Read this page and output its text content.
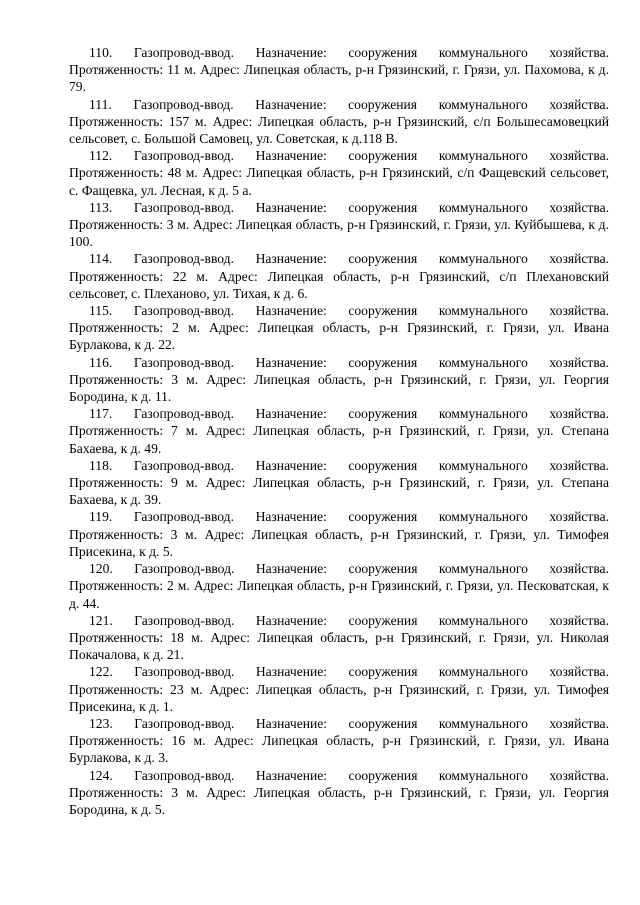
110. Газопровод-ввод. Назначение: сооружения коммунального хозяйства. Протяженность: 11 м. Адрес: Липецкая область, р-н Грязинский, г. Грязи, ул. Пахомова, к д. 79.

111. Газопровод-ввод. Назначение: сооружения коммунального хозяйства. Протяженность: 157 м. Адрес: Липецкая область, р-н Грязинский, с/п Большесамовецкий сельсовет, с. Большой Самовец, ул. Советская, к д.118 В.

112. Газопровод-ввод. Назначение: сооружения коммунального хозяйства. Протяженность: 48 м. Адрес: Липецкая область, р-н Грязинский, с/п Фащевский сельсовет, с. Фащевка, ул. Лесная, к д. 5 а.

113. Газопровод-ввод. Назначение: сооружения коммунального хозяйства. Протяженность: 3 м. Адрес: Липецкая область, р-н Грязинский, г. Грязи, ул. Куйбышева, к д. 100.

114. Газопровод-ввод. Назначение: сооружения коммунального хозяйства. Протяженность: 22 м. Адрес: Липецкая область, р-н Грязинский, с/п Плехановский сельсовет, с. Плеханово, ул. Тихая, к д. 6.

115. Газопровод-ввод. Назначение: сооружения коммунального хозяйства. Протяженность: 2 м. Адрес: Липецкая область, р-н Грязинский, г. Грязи, ул. Ивана Бурлакова, к д. 22.

116. Газопровод-ввод. Назначение: сооружения коммунального хозяйства. Протяженность: 3 м. Адрес: Липецкая область, р-н Грязинский, г. Грязи, ул. Георгия Бородина, к д. 11.

117. Газопровод-ввод. Назначение: сооружения коммунального хозяйства. Протяженность: 7 м. Адрес: Липецкая область, р-н Грязинский, г. Грязи, ул. Степана Бахаева, к д. 49.

118. Газопровод-ввод. Назначение: сооружения коммунального хозяйства. Протяженность: 9 м. Адрес: Липецкая область, р-н Грязинский, г. Грязи, ул. Степана Бахаева, к д. 39.

119. Газопровод-ввод. Назначение: сооружения коммунального хозяйства. Протяженность: 3 м. Адрес: Липецкая область, р-н Грязинский, г. Грязи, ул. Тимофея Присекина, к д. 5.

120. Газопровод-ввод. Назначение: сооружения коммунального хозяйства. Протяженность: 2 м. Адрес: Липецкая область, р-н Грязинский, г. Грязи, ул. Песковатская, к д. 44.

121. Газопровод-ввод. Назначение: сооружения коммунального хозяйства. Протяженность: 18 м. Адрес: Липецкая область, р-н Грязинский, г. Грязи, ул. Николая Покачалова, к д. 21.

122. Газопровод-ввод. Назначение: сооружения коммунального хозяйства. Протяженность: 23 м. Адрес: Липецкая область, р-н Грязинский, г. Грязи, ул. Тимофея Присекина, к д. 1.

123. Газопровод-ввод. Назначение: сооружения коммунального хозяйства. Протяженность: 16 м. Адрес: Липецкая область, р-н Грязинский, г. Грязи, ул. Ивана Бурлакова, к д. 3.

124. Газопровод-ввод. Назначение: сооружения коммунального хозяйства. Протяженность: 3 м. Адрес: Липецкая область, р-н Грязинский, г. Грязи, ул. Георгия Бородина, к д. 5.
